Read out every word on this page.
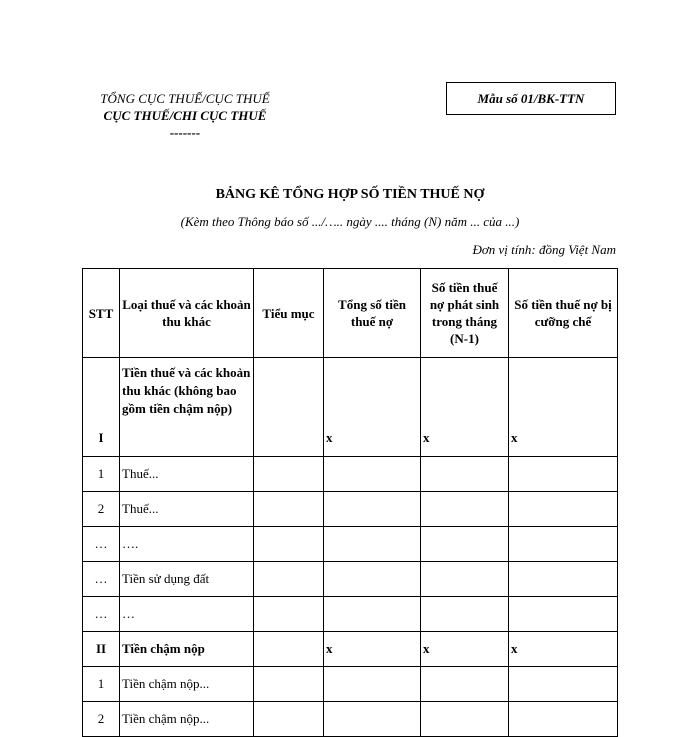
TỔNG CỤC THUẾ/CỤC THUẾ
CỤC THUẾ/CHI CỤC THUẾ
-------
Mẫu số 01/BK-TTN
BẢNG KÊ TỔNG HỢP SỐ TIỀN THUẾ NỢ
(Kèm theo Thông báo số .../….. ngày .... tháng (N) năm ... của ...)
Đơn vị tính: đồng Việt Nam
STT	Loại thuế và các khoản thu khác	Tiểu mục	Tổng số tiền thuế nợ	Số tiền thuế nợ phát sinh trong tháng (N-1)	Số tiền thuế nợ bị cưỡng chế
I	Tiền thuế và các khoản thu khác (không bao gồm tiền chậm nộp)		x	x	x
1	Thuế...				
2	Thuế...				
…	….				
…	Tiền sử dụng đất				
…	…				
II	Tiền chậm nộp		x	x	x
1	Tiền chậm nộp...				
2	Tiền chậm nộp...				
